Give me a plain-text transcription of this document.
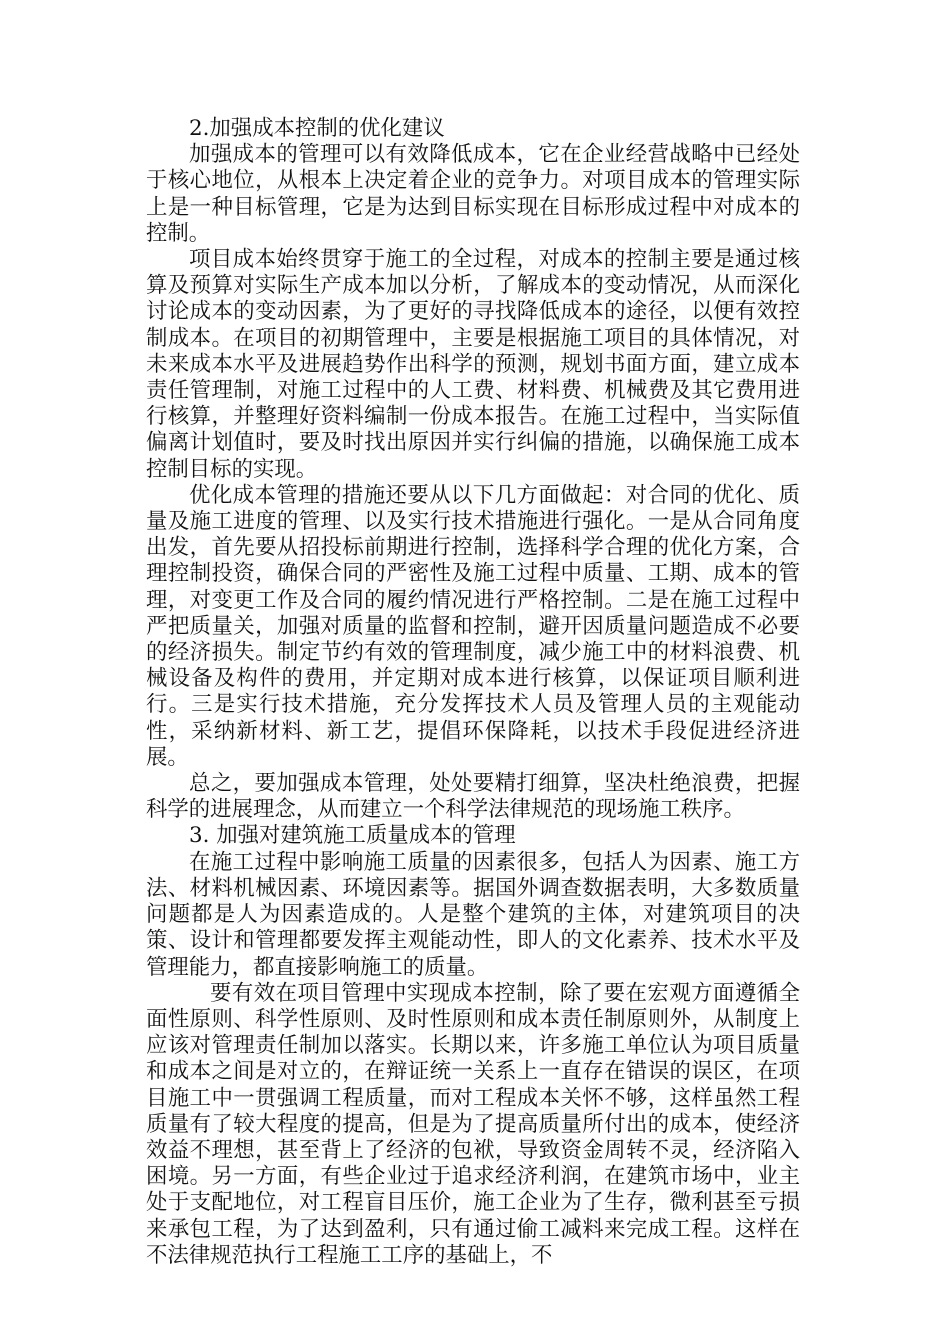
2.加强成本控制的优化建议

加强成本的管理可以有效降低成本，它在企业经营战略中已经处于核心地位，从根本上决定着企业的竞争力。对项目成本的管理实际上是一种目标管理，它是为达到目标实现在目标形成过程中对成本的控制。

项目成本始终贯穿于施工的全过程，对成本的控制主要是通过核算及预算对实际生产成本加以分析，了解成本的变动情况，从而深化讨论成本的变动因素，为了更好的寻找降低成本的途径，以便有效控制成本。在项目的初期管理中，主要是根据施工项目的具体情况，对未来成本水平及进展趋势作出科学的预测，规划书面方面，建立成本责任管理制，对施工过程中的人工费、材料费、机械费及其它费用进行核算，并整理好资料编制一份成本报告。在施工过程中，当实际值偏离计划值时，要及时找出原因并实行纠偏的措施，以确保施工成本控制目标的实现。

优化成本管理的措施还要从以下几方面做起：对合同的优化、质量及施工进度的管理、以及实行技术措施进行强化。一是从合同角度出发，首先要从招投标前期进行控制，选择科学合理的优化方案，合理控制投资，确保合同的严密性及施工过程中质量、工期、成本的管理，对变更工作及合同的履约情况进行严格控制。二是在施工过程中严把质量关，加强对质量的监督和控制，避开因质量问题造成不必要的经济损失。制定节约有效的管理制度，减少施工中的材料浪费、机械设备及构件的费用，并定期对成本进行核算，以保证项目顺利进行。三是实行技术措施，充分发挥技术人员及管理人员的主观能动性，采纳新材料、新工艺，提倡环保降耗，以技术手段促进经济进展。

总之，要加强成本管理，处处要精打细算，坚决杜绝浪费，把握科学的进展理念，从而建立一个科学法律规范的现场施工秩序。

3. 加强对建筑施工质量成本的管理

在施工过程中影响施工质量的因素很多，包括人为因素、施工方法、材料机械因素、环境因素等。据国外调查数据表明，大多数质量问题都是人为因素造成的。人是整个建筑的主体，对建筑项目的决策、设计和管理都要发挥主观能动性，即人的文化素养、技术水平及管理能力，都直接影响施工的质量。

要有效在项目管理中实现成本控制，除了要在宏观方面遵循全面性原则、科学性原则、及时性原则和成本责任制原则外，从制度上应该对管理责任制加以落实。长期以来，许多施工单位认为项目质量和成本之间是对立的，在辩证统一关系上一直存在错误的误区，在项目施工中一贯强调工程质量，而对工程成本关怀不够，这样虽然工程质量有了较大程度的提高，但是为了提高质量所付出的成本，使经济效益不理想，甚至背上了经济的包袱，导致资金周转不灵，经济陷入困境。另一方面，有些企业过于追求经济利润，在建筑市场中，业主处于支配地位，对工程盲目压价，施工企业为了生存，微利甚至亏损来承包工程，为了达到盈利，只有通过偷工减料来完成工程。这样在不法律规范执行工程施工工序的基础上，不
